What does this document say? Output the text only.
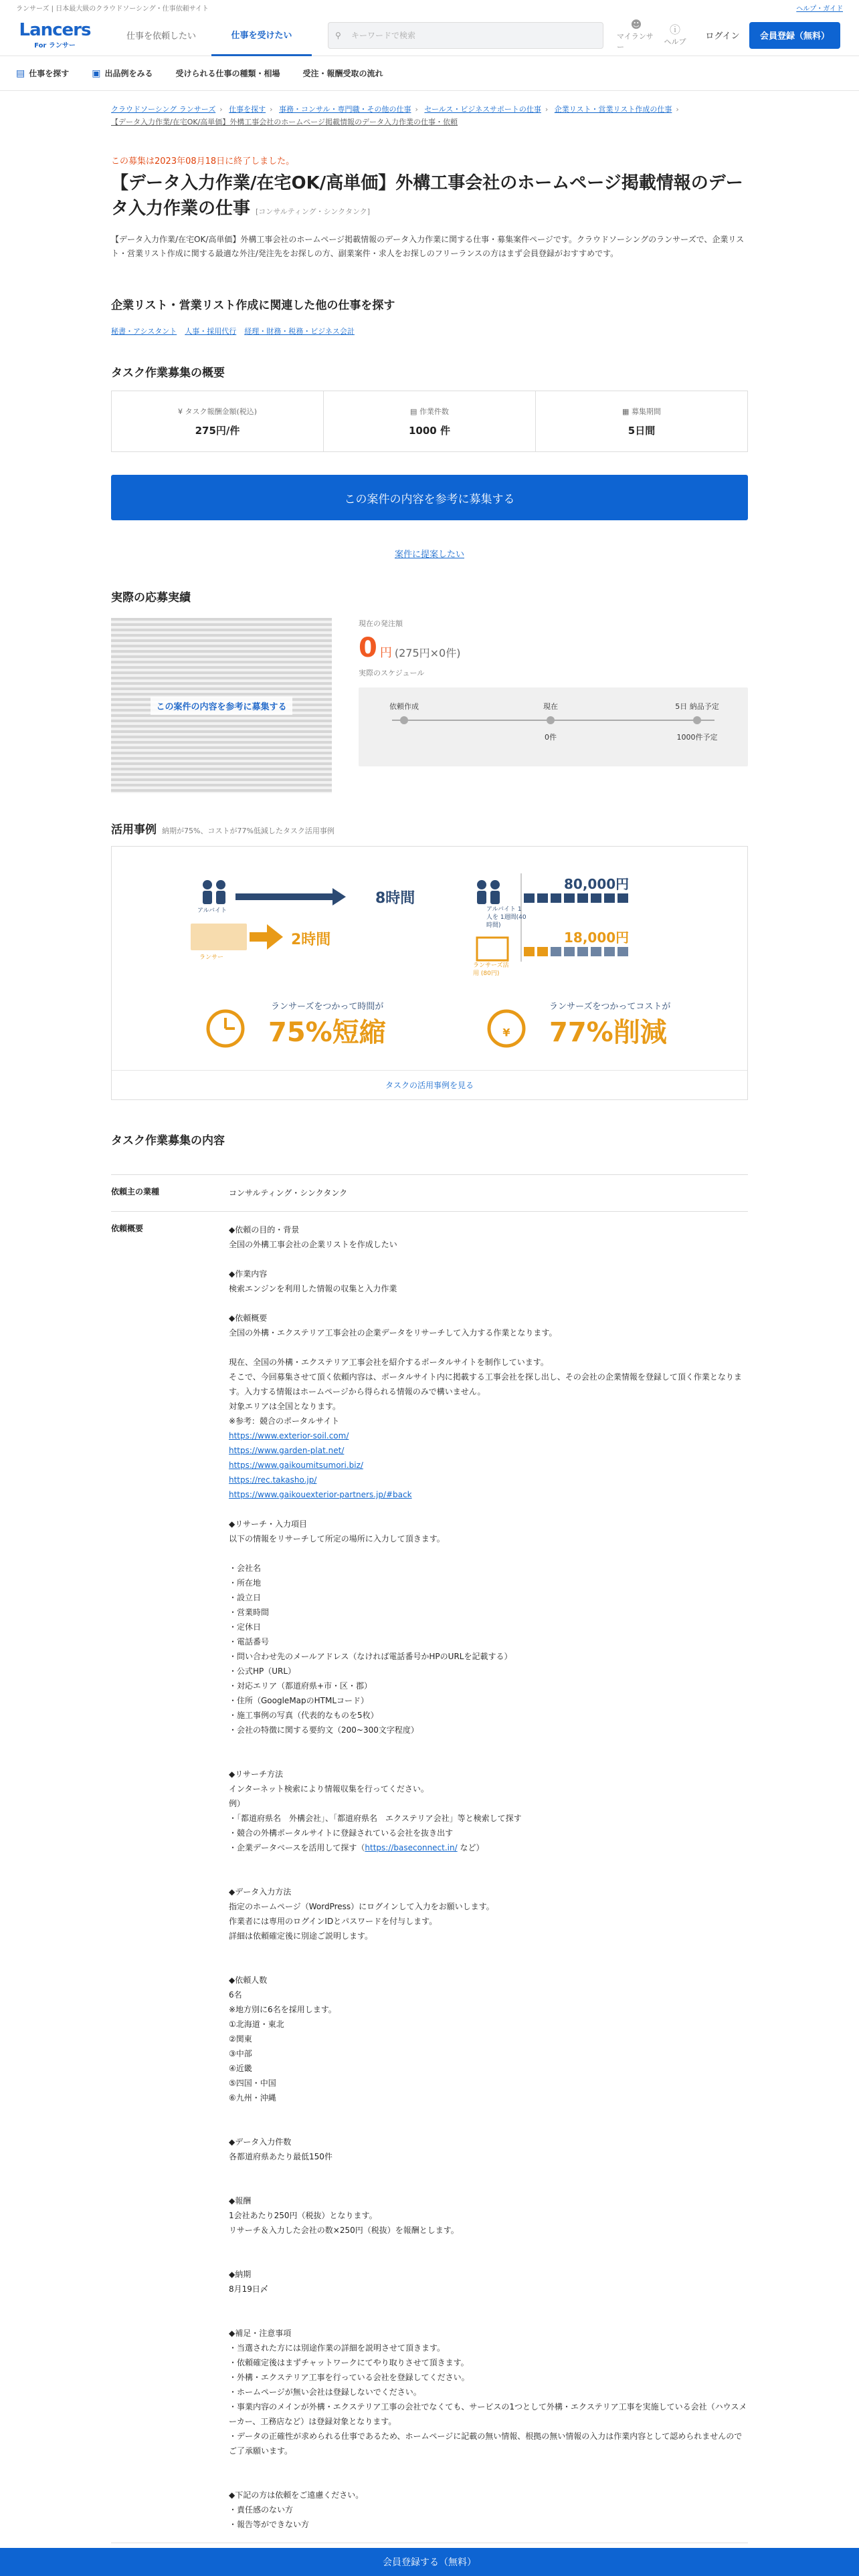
ランサーズ | 日本最大級のクラウドソーシング・仕事依頼サイト	ヘルプ・ガイド
Lancers
For ランサー
仕事を依頼したい	仕事を受けたい	⚲	キーワードで検索
☻
マイランサー
ⓘ
ヘルプ	ログイン	会員登録（無料）
▤ 仕事を探す ▣ 出品例をみる	受けられる仕事の種類・相場	受注・報酬受取の流れ
クラウドソーシング ランサーズ › 仕事を探す › 事務・コンサル・専門職・その他の仕事 › セールス・ビジネスサポートの仕事 › 企業リスト・営業リスト作成の仕事 ›
【データ入力作業/在宅OK/高単価】外構工事会社のホームページ掲載情報のデータ入力作業の仕事・依頼
この募集は2023年08月18日に終了しました。
【データ入力作業/在宅OK/高単価】外構工事会社のホームページ掲載情報のデータ入力作業の仕事 [コンサルティング・シンクタンク]
【データ入力作業/在宅OK/高単価】外構工事会社のホームページ掲載情報のデータ入力作業に関する仕事・募集案件ページです。クラウドソーシングのランサーズで、企業リスト・営業リスト作成に関する最適な外注/発注先をお探しの方、副業案件・求人をお探しのフリーランスの方はまず会員登録がおすすめです。
企業リスト・営業リスト作成に関連した他の仕事を探す
秘書・アシスタント 人事・採用代行 経理・財務・税務・ビジネス会計
タスク作業募集の概要
¥ タスク報酬金額(税込)
275円/件
▤ 作業件数
1000 件
▦ 募集期間
5日間
この案件の内容を参考に募集する
案件に提案したい
実際の応募実績
この案件の内容を参考に募集する
現在の発注額
0 円 (275円×0件)
実際のスケジュール
依頼作成	現在	5日 納品予定
0件	1000件予定
活用事例 納期が75%、コストが77%低減したタスク活用事例
アルバイト
ランサー
8時間
2時間
アルバイト 1人を 1週間(40時間)
ランサーズ活用 (80円)
80,000円
18,000円
ランサーズをつかって時間が
75%短縮	¥
ランサーズをつかってコストが
77%削減
タスクの活用事例を見る
タスク作業募集の内容
依頼主の業種	コンサルティング・シンクタンク
依頼概要	◆依頼の目的・背景
全国の外構工事会社の企業リストを作成したい
◆作業内容
検索エンジンを利用した情報の収集と入力作業
◆依頼概要
全国の外構・エクステリア工事会社の企業データをリサーチして入力する作業となります。
現在、全国の外構・エクステリア工事会社を紹介するポータルサイトを制作しています。
そこで、今回募集させて頂く依頼内容は、ポータルサイト内に掲載する工事会社を探し出し、その会社の企業情報を登録して頂く作業となります。入力する情報はホームページから得られる情報のみで構いません。
対象エリアは全国となります。
※参考：競合のポータルサイト
https://www.exterior-soil.com/
https://www.garden-plat.net/
https://www.gaikoumitsumori.biz/
https://rec.takasho.jp/
https://www.gaikouexterior-partners.jp/#back
◆リサーチ・入力項目
以下の情報をリサーチして所定の場所に入力して頂きます。
・会社名
・所在地
・設立日
・営業時間
・定休日
・電話番号
・問い合わせ先のメールアドレス（なければ電話番号かHPのURLを記載する）
・公式HP（URL）
・対応エリア（都道府県+市・区・郡）
・住所（GoogleMapのHTMLコード）
・施工事例の写真（代表的なものを5枚）
・会社の特徴に関する要約文（200~300文字程度）
◆リサーチ方法
インターネット検索により情報収集を行ってください。
例）
・「都道府県名　外構会社」、「都道府県名　エクステリア会社」等と検索して探す
・競合の外構ポータルサイトに登録されている会社を抜き出す
・企業データベースを活用して探す（https://baseconnect.in/ など）
◆データ入力方法
指定のホームページ（WordPress）にログインして入力をお願いします。
作業者には専用のログインIDとパスワードを付与します。
詳細は依頼確定後に別途ご説明します。
◆依頼人数
6名
※地方別に6名を採用します。
①北海道・東北
②関東
③中部
④近畿
⑤四国・中国
⑥九州・沖縄
◆データ入力件数
各都道府県あたり最低150件
◆報酬
1会社あたり250円（税抜）となります。
リサーチ＆入力した会社の数×250円（税抜）を報酬とします。
◆納期
8月19日〆
◆補足・注意事項
・当選された方には別途作業の詳細を説明させて頂きます。
・依頼確定後はまずチャットワークにてやり取りさせて頂きます。
・外構・エクステリア工事を行っている会社を登録してください。
・ホームページが無い会社は登録しないでください。
・事業内容のメインが外構・エクステリア工事の会社でなくても、サービスの1つとして外構・エクステリア工事を実施している会社（ハウスメーカー、工務店など）は登録対象となります。
・データの正確性が求められる仕事であるため、ホームページに記載の無い情報、根拠の無い情報の入力は作業内容として認められませんのでご了承願います。
◆下記の方は依頼をご遠慮ください。
・責任感のない方
・報告等ができない方
会員登録する（無料）
